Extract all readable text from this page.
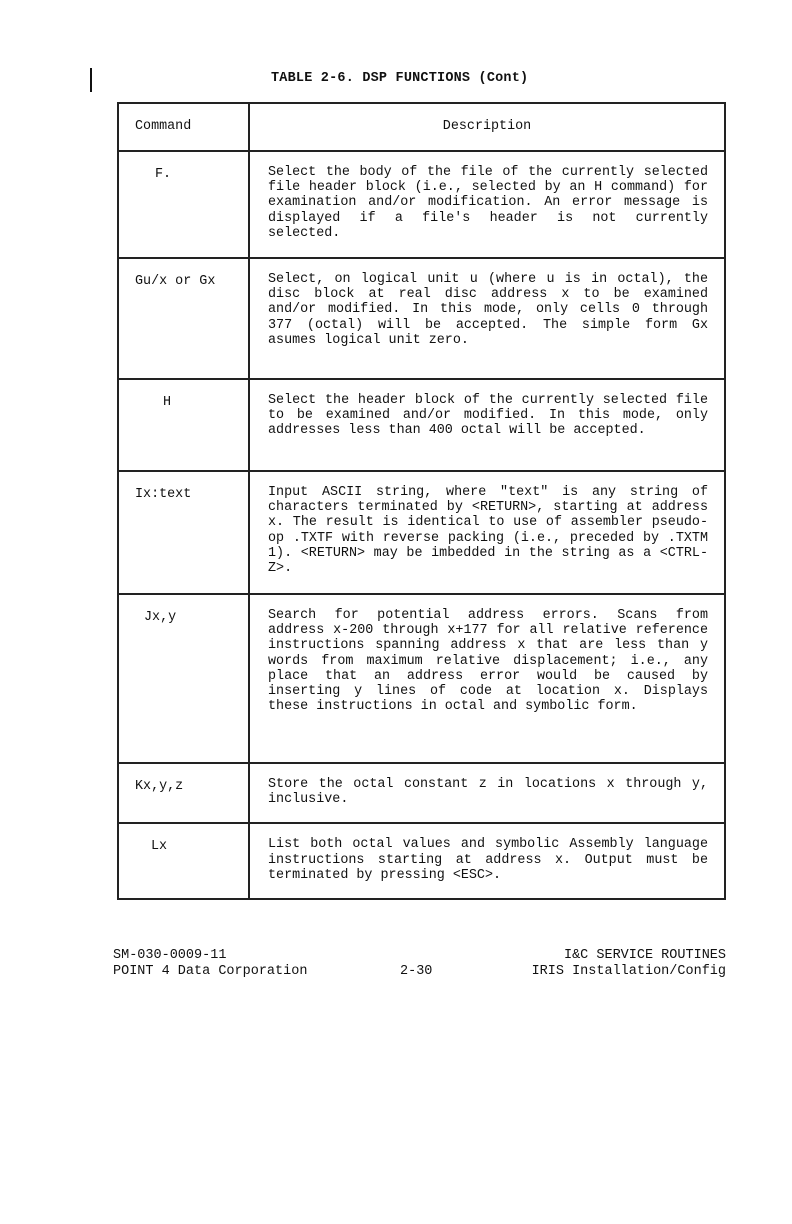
TABLE 2-6. DSP FUNCTIONS (Cont)
Command	Description
F.	Select the body of the file of the currently selected file header block (i.e., selected by an H command) for examination and/or modification. An error message is displayed if a file's header is not currently selected.
Gu/x or Gx	Select, on logical unit u (where u is in octal), the disc block at real disc address x to be examined and/or modified. In this mode, only cells 0 through 377 (octal) will be accepted. The simple form Gx asumes logical unit zero.
H	Select the header block of the currently selected file to be examined and/or modified. In this mode, only addresses less than 400 octal will be accepted.
Ix:text	Input ASCII string, where "text" is any string of characters terminated by <RETURN>, starting at address x. The result is identical to use of assembler pseudo-op .TXTF with reverse packing (i.e., preceded by .TXTM 1). <RETURN> may be imbedded in the string as a <CTRL-Z>.
Jx,y	Search for potential address errors. Scans from address x-200 through x+177 for all relative reference instructions spanning address x that are less than y words from maximum relative displacement; i.e., any place that an address error would be caused by inserting y lines of code at location x. Displays these instructions in octal and symbolic form.
Kx,y,z	Store the octal constant z in locations x through y, inclusive.
Lx	List both octal values and symbolic Assembly language instructions starting at address x. Output must be terminated by pressing <ESC>.
SM-030-0009-11
POINT 4 Data Corporation	2-30
I&C SERVICE ROUTINES
IRIS Installation/Config
